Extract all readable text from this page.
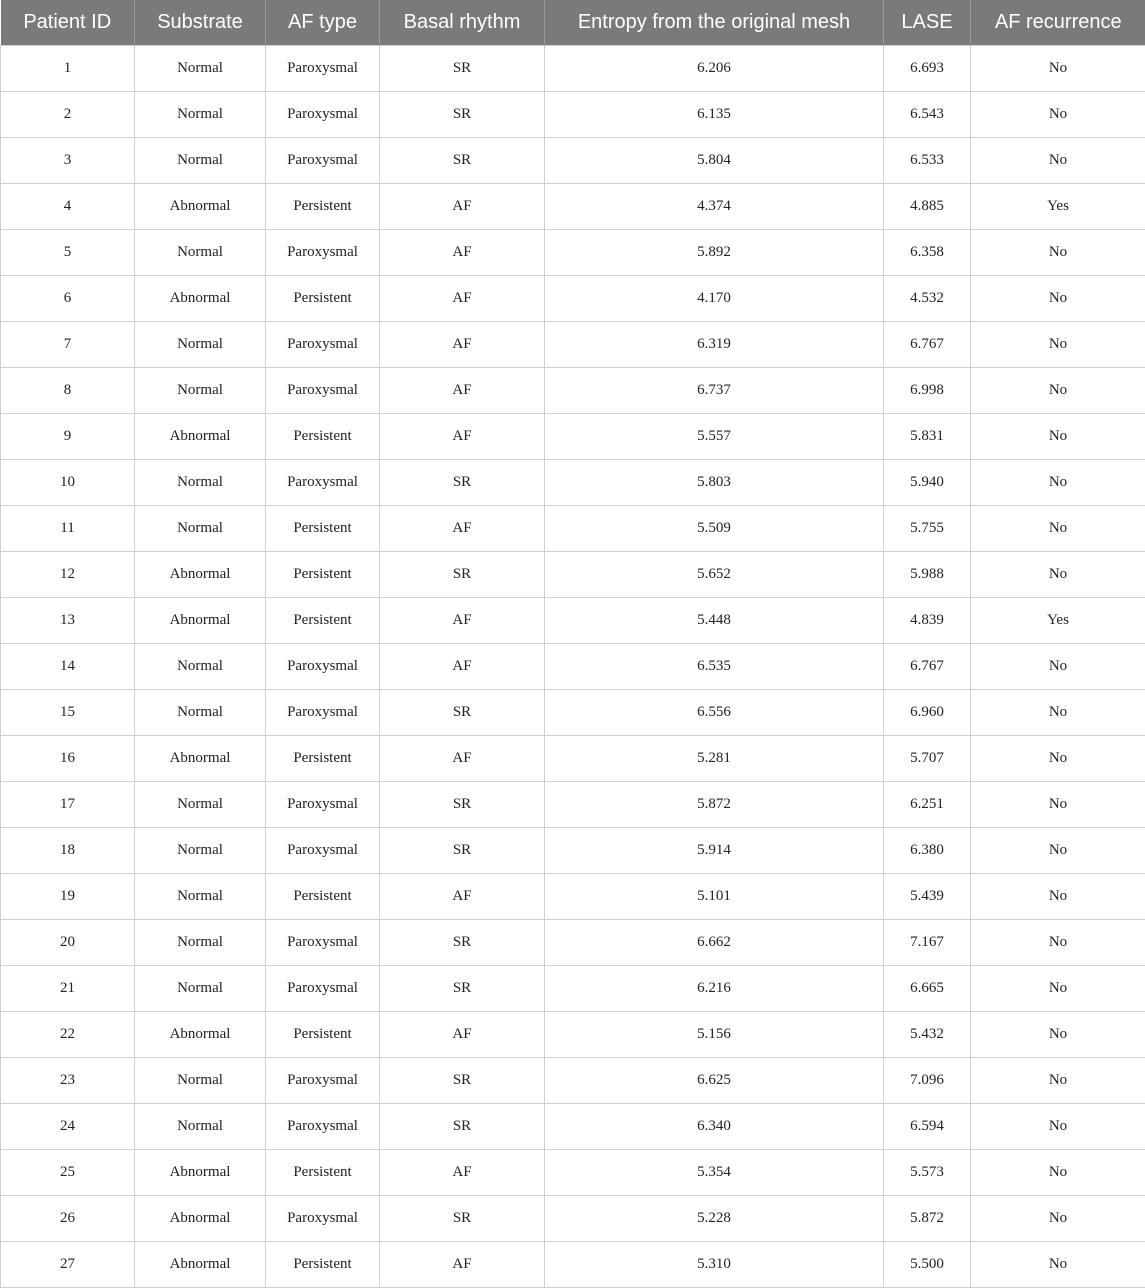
Patient ID	Substrate	AF type	Basal rhythm	Entropy from the original mesh	LASE	AF recurrence
1	Normal	Paroxysmal	SR	6.206	6.693	No
2	Normal	Paroxysmal	SR	6.135	6.543	No
3	Normal	Paroxysmal	SR	5.804	6.533	No
4	Abnormal	Persistent	AF	4.374	4.885	Yes
5	Normal	Paroxysmal	AF	5.892	6.358	No
6	Abnormal	Persistent	AF	4.170	4.532	No
7	Normal	Paroxysmal	AF	6.319	6.767	No
8	Normal	Paroxysmal	AF	6.737	6.998	No
9	Abnormal	Persistent	AF	5.557	5.831	No
10	Normal	Paroxysmal	SR	5.803	5.940	No
11	Normal	Persistent	AF	5.509	5.755	No
12	Abnormal	Persistent	SR	5.652	5.988	No
13	Abnormal	Persistent	AF	5.448	4.839	Yes
14	Normal	Paroxysmal	AF	6.535	6.767	No
15	Normal	Paroxysmal	SR	6.556	6.960	No
16	Abnormal	Persistent	AF	5.281	5.707	No
17	Normal	Paroxysmal	SR	5.872	6.251	No
18	Normal	Paroxysmal	SR	5.914	6.380	No
19	Normal	Persistent	AF	5.101	5.439	No
20	Normal	Paroxysmal	SR	6.662	7.167	No
21	Normal	Paroxysmal	SR	6.216	6.665	No
22	Abnormal	Persistent	AF	5.156	5.432	No
23	Normal	Paroxysmal	SR	6.625	7.096	No
24	Normal	Paroxysmal	SR	6.340	6.594	No
25	Abnormal	Persistent	AF	5.354	5.573	No
26	Abnormal	Paroxysmal	SR	5.228	5.872	No
27	Abnormal	Persistent	AF	5.310	5.500	No
